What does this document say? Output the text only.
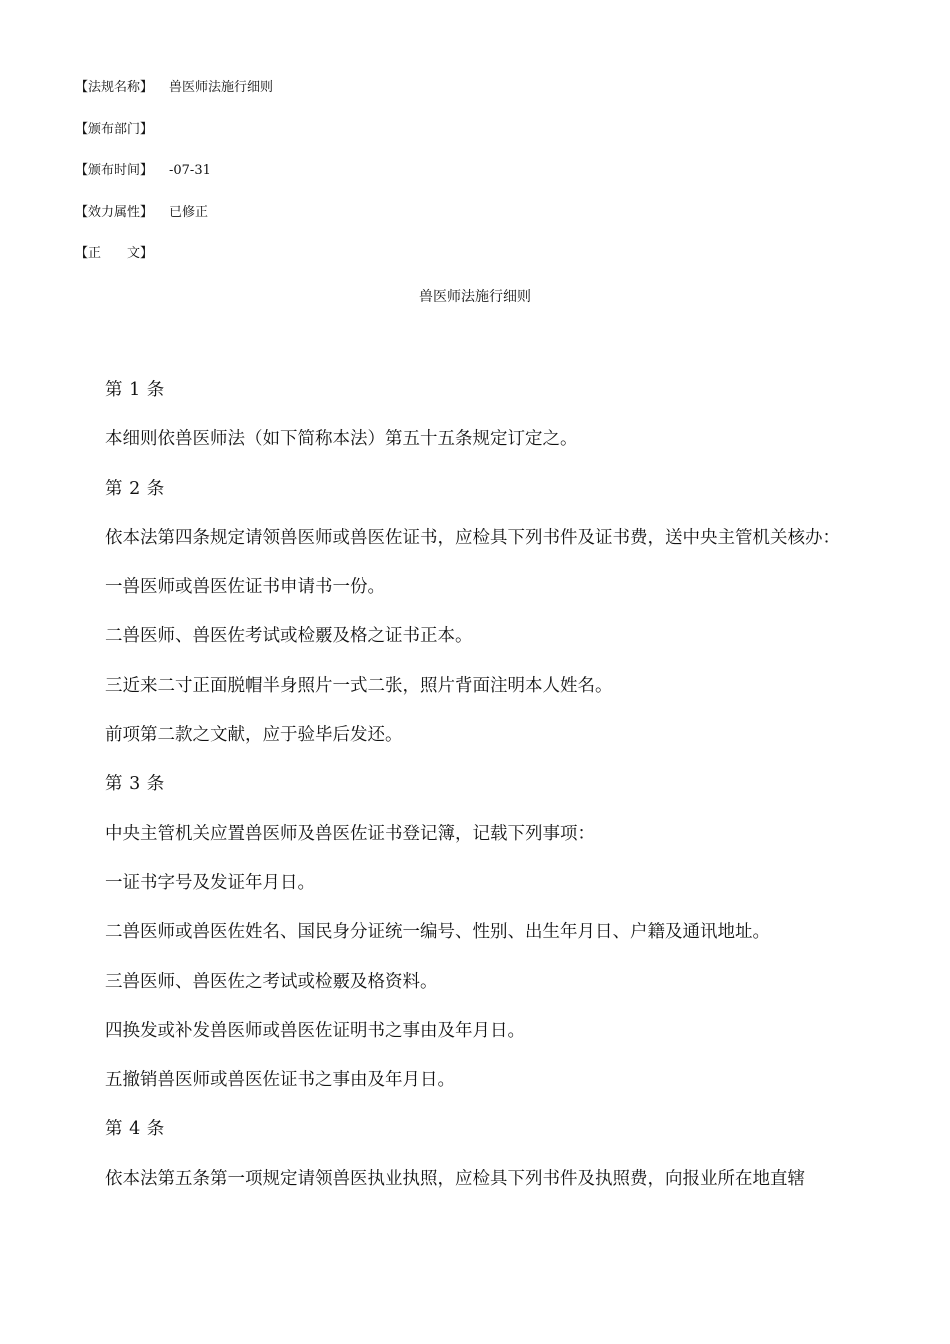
【法规名称】 兽医师法施行细则
【颁布部门】
【颁布时间】 -07-31
【效力属性】 已修正
【正　　文】
兽医师法施行细则

第 1 条

本细则依兽医师法（如下简称本法）第五十五条规定订定之。

第 2 条

依本法第四条规定请领兽医师或兽医佐证书，应检具下列书件及证书费，送中央主管机关核办：

一兽医师或兽医佐证书申请书一份。

二兽医师、兽医佐考试或检覈及格之证书正本。

三近来二寸正面脱帽半身照片一式二张，照片背面注明本人姓名。

前项第二款之文献，应于验毕后发还。

第 3 条

中央主管机关应置兽医师及兽医佐证书登记簿，记载下列事项：

一证书字号及发证年月日。

二兽医师或兽医佐姓名、国民身分证统一编号、性别、出生年月日、户籍及通讯地址。

三兽医师、兽医佐之考试或检覈及格资料。

四换发或补发兽医师或兽医佐证明书之事由及年月日。

五撤销兽医师或兽医佐证书之事由及年月日。

第 4 条

依本法第五条第一项规定请领兽医执业执照，应检具下列书件及执照费，向报业所在地直辖
